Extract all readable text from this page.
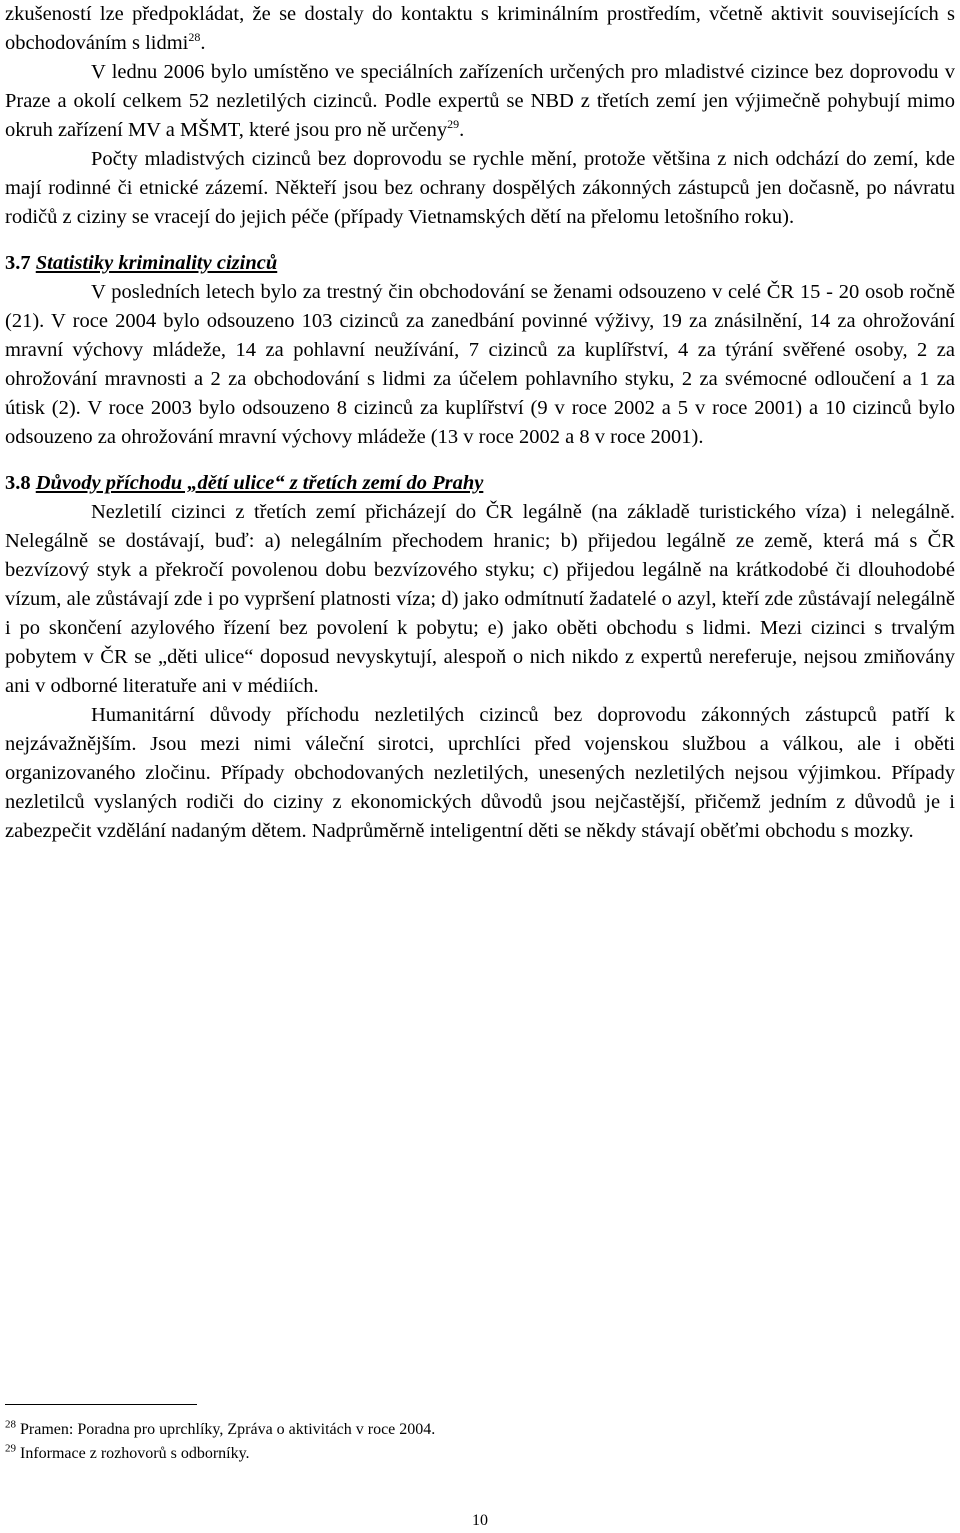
zkušeností lze předpokládat, že se dostaly do kontaktu s kriminálním prostředím, včetně aktivit souvisejících s obchodováním s lidmi$^{28}$.

V lednu 2006 bylo umístěno ve speciálních zařízeních určených pro mladistvé cizince bez doprovodu v Praze a okolí celkem 52 nezletilých cizinců. Podle expertů se NBD z třetích zemí jen výjimečně pohybují mimo okruh zařízení MV a MŠMT, které jsou pro ně určeny$^{29}$.

Počty mladistvých cizinců bez doprovodu se rychle mění, protože většina z nich odchází do zemí, kde mají rodinné či etnické zázemí. Někteří jsou bez ochrany dospělých zákonných zástupců jen dočasně, po návratu rodičů z ciziny se vracejí do jejich péče (případy Vietnamských dětí na přelomu letošního roku).

3.7 Statistiky kriminality cizinců

V posledních letech bylo za trestný čin obchodování se ženami odsouzeno v celé ČR 15 - 20 osob ročně (21). V roce 2004 bylo odsouzeno 103 cizinců za zanedbání povinné výživy, 19 za znásilnění, 14 za ohrožování mravní výchovy mládeže, 14 za pohlavní neužívání, 7 cizinců za kuplířství, 4 za týrání svěřené osoby, 2 za ohrožování mravnosti a 2 za obchodování s lidmi za účelem pohlavního styku, 2 za svémocné odloučení a 1 za útisk (2). V roce 2003 bylo odsouzeno 8 cizinců za kuplířství (9 v roce 2002 a 5 v roce 2001) a 10 cizinců bylo odsouzeno za ohrožování mravní výchovy mládeže (13 v roce 2002 a 8 v roce 2001).

3.8 Důvody příchodu „dětí ulice“ z třetích zemí do Prahy

Nezletilí cizinci z třetích zemí přicházejí do ČR legálně (na základě turistického víza) i nelegálně. Nelegálně se dostávají, buď: a) nelegálním přechodem hranic; b) přijedou legálně ze země, která má s ČR bezvízový styk a překročí povolenou dobu bezvízového styku; c) přijedou legálně na krátkodobé či dlouhodobé vízum, ale zůstávají zde i po vypršení platnosti víza; d) jako odmítnutí žadatelé o azyl, kteří zde zůstávají nelegálně i po skončení azylového řízení bez povolení k pobytu; e) jako oběti obchodu s lidmi. Mezi cizinci s trvalým pobytem v ČR se „děti ulice“ doposud nevyskytují, alespoň o nich nikdo z expertů nereferuje, nejsou zmiňovány ani v odborné literatuře ani v médiích.

Humanitární důvody příchodu nezletilých cizinců bez doprovodu zákonných zástupců patří k nejzávažnějším. Jsou mezi nimi váleční sirotci, uprchlíci před vojenskou službou a válkou, ale i oběti organizovaného zločinu. Případy obchodovaných nezletilých, unesených nezletilých nejsou výjimkou. Případy nezletilců vyslaných rodiči do ciziny z ekonomických důvodů jsou nejčastější, přičemž jedním z důvodů je i zabezpečit vzdělání nadaným dětem. Nadprůměrně inteligentní děti se někdy stávají oběťmi obchodu s mozky.

$^{28}$ Pramen: Poradna pro uprchlíky, Zpráva o aktivitách v roce 2004.
$^{29}$ Informace z rozhovorů s odborníky.
10
